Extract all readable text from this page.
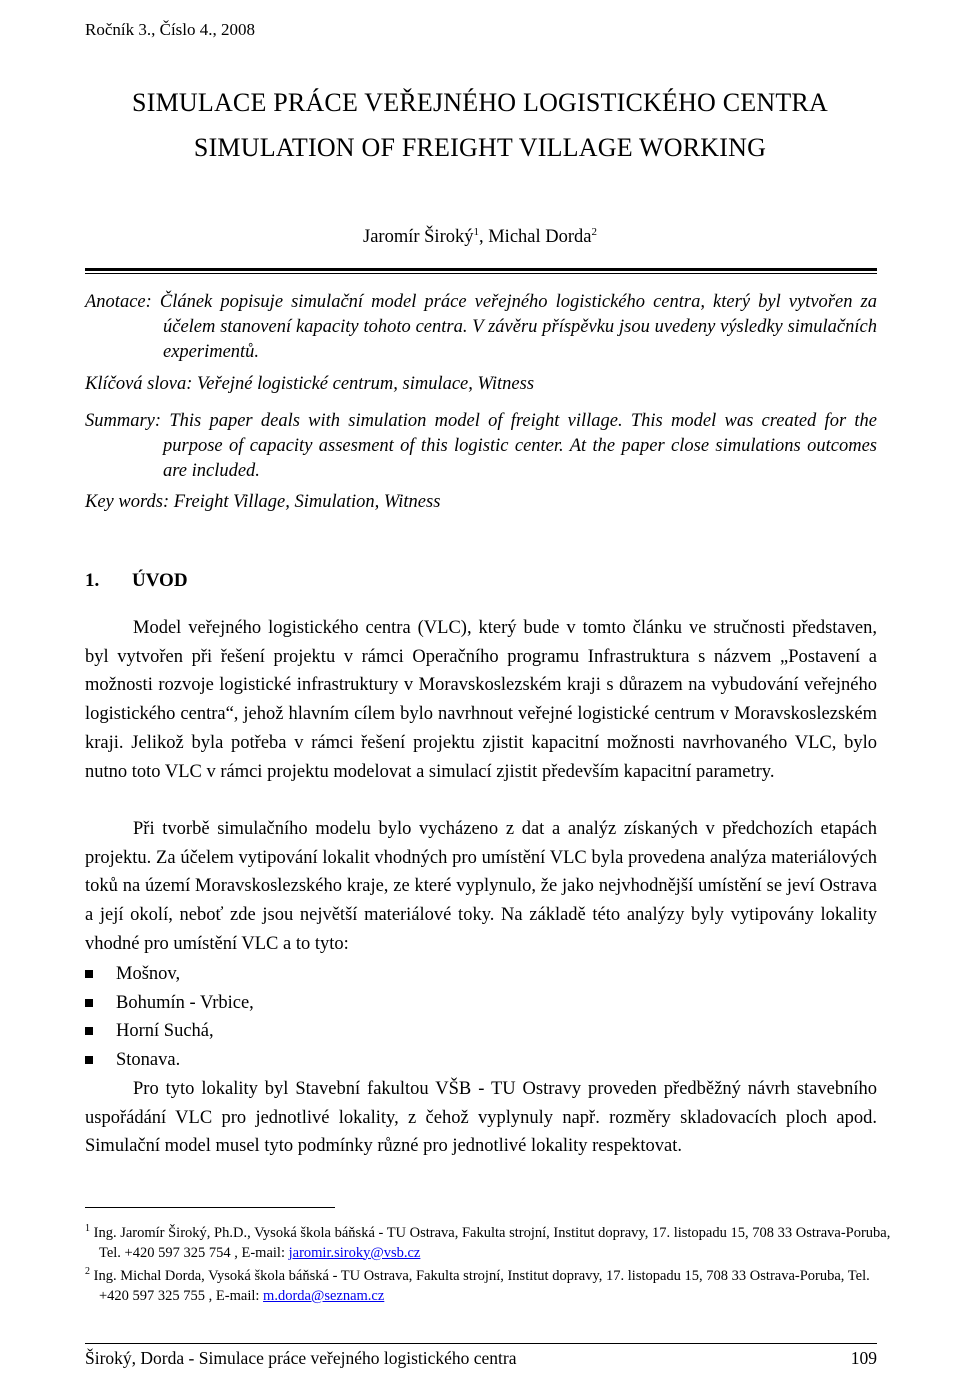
Ročník 3., Číslo 4., 2008
SIMULACE PRÁCE VEŘEJNÉHO LOGISTICKÉHO CENTRA
SIMULATION OF FREIGHT VILLAGE WORKING
Jaromír Široký$^1$, Michal Dorda$^2$
Anotace: Článek popisuje simulační model práce veřejného logistického centra, který byl vytvořen za účelem stanovení kapacity tohoto centra. V závěru příspěvku jsou uvedeny výsledky simulačních experimentů.
Klíčová slova: Veřejné logistické centrum, simulace, Witness
Summary: This paper deals with simulation model of freight village. This model was created for the purpose of capacity assesment of this logistic center. At the paper close simulations outcomes are included.
Key words: Freight Village, Simulation, Witness
1. ÚVOD
Model veřejného logistického centra (VLC), který bude v tomto článku ve stručnosti představen, byl vytvořen při řešení projektu v rámci Operačního programu Infrastruktura s názvem „Postavení a možnosti rozvoje logistické infrastruktury v Moravskoslezském kraji s důrazem na vybudování veřejného logistického centra“, jehož hlavním cílem bylo navrhnout veřejné logistické centrum v Moravskoslezském kraji. Jelikož byla potřeba v rámci řešení projektu zjistit kapacitní možnosti navrhovaného VLC, bylo nutno toto VLC v rámci projektu modelovat a simulací zjistit především kapacitní parametry.
Při tvorbě simulačního modelu bylo vycházeno z dat a analýz získaných v předchozích etapách projektu. Za účelem vytipování lokalit vhodných pro umístění VLC byla provedena analýza materiálových toků na území Moravskoslezského kraje, ze které vyplynulo, že jako nejvhodnější umístění se jeví Ostrava a její okolí, neboť zde jsou největší materiálové toky. Na základě této analýzy byly vytipovány lokality vhodné pro umístění VLC a to tyto:
Mošnov,
Bohumín - Vrbice,
Horní Suchá,
Stonava.
Pro tyto lokality byl Stavební fakultou VŠB - TU Ostravy proveden předběžný návrh stavebního uspořádání VLC pro jednotlivé lokality, z čehož vyplynuly např. rozměry skladovacích ploch apod. Simulační model musel tyto podmínky různé pro jednotlivé lokality respektovat.
$^1$ Ing. Jaromír Široký, Ph.D., Vysoká škola báňská - TU Ostrava, Fakulta strojní, Institut dopravy, 17. listopadu 15, 708 33 Ostrava-Poruba, Tel. +420 597 325 754 , E-mail: jaromir.siroky@vsb.cz
$^2$ Ing. Michal Dorda, Vysoká škola báňská - TU Ostrava, Fakulta strojní, Institut dopravy, 17. listopadu 15, 708 33 Ostrava-Poruba, Tel. +420 597 325 755 , E-mail: m.dorda@seznam.cz
Široký, Dorda - Simulace práce veřejného logistického centra	109
